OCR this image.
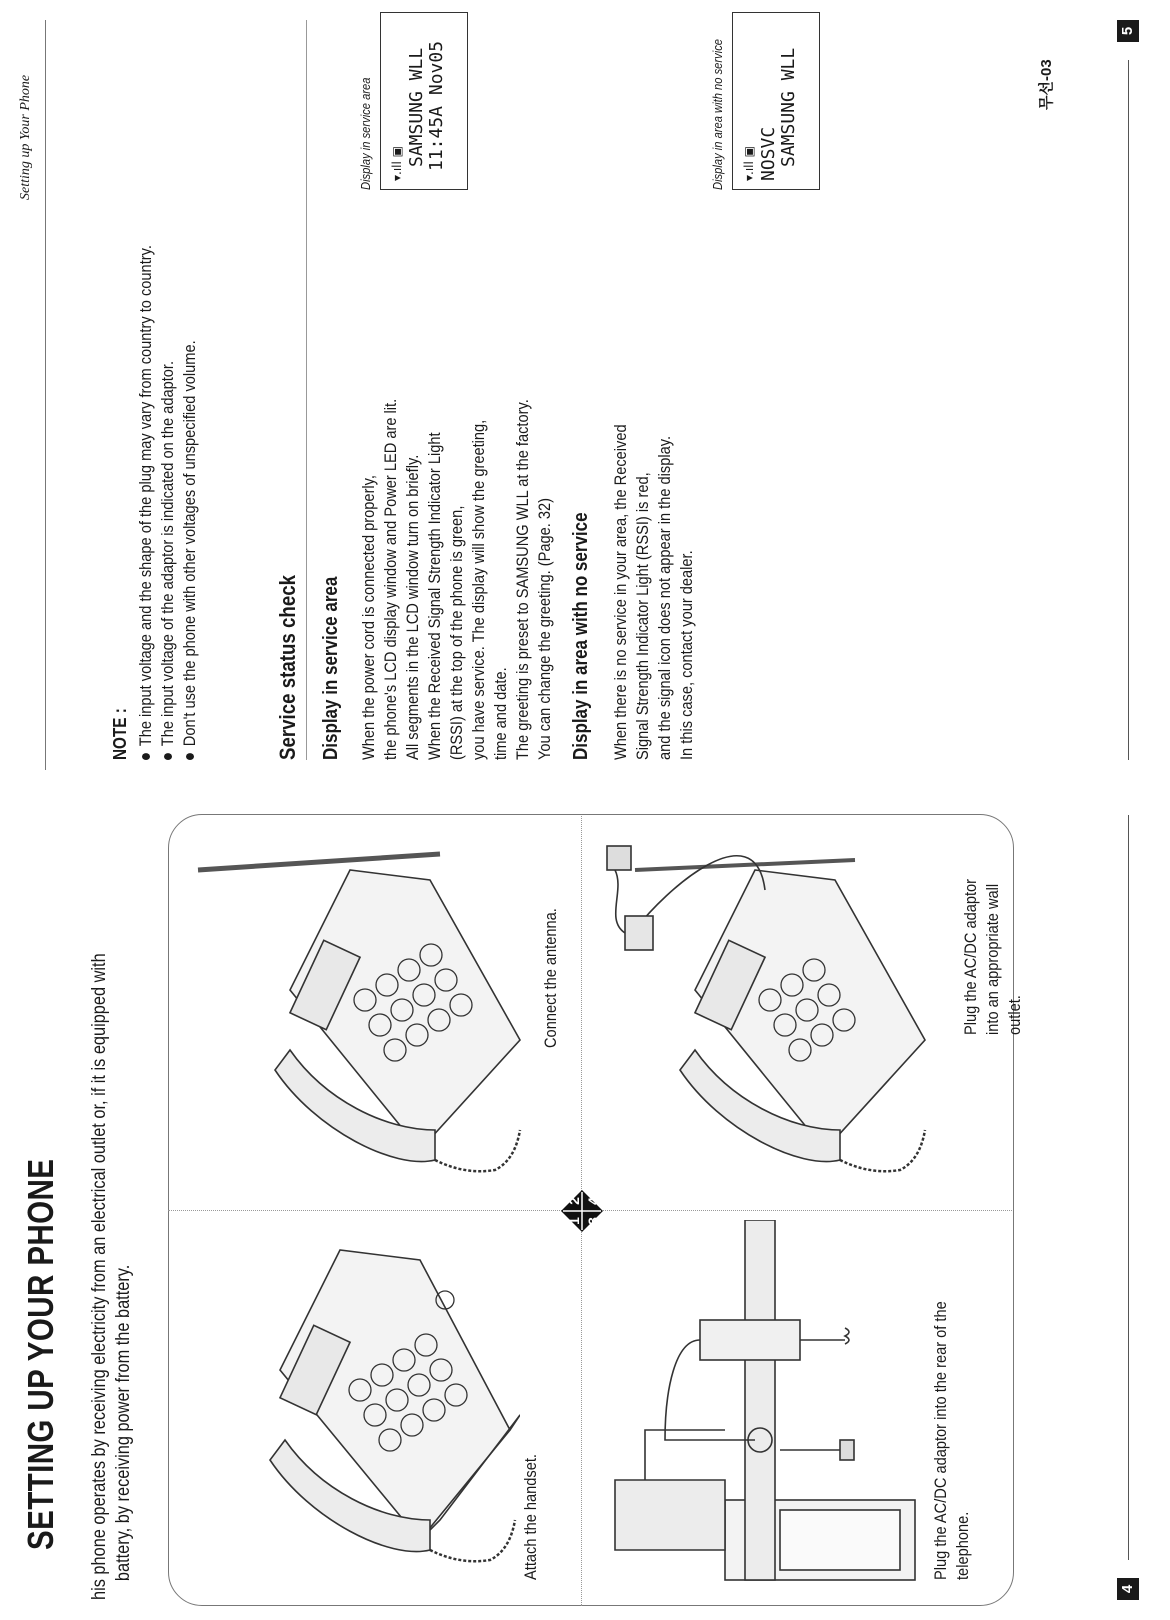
SETTING UP YOUR PHONE his phone operates by receiving electricity from an electrical outlet or, if it is equipped with battery, by receiving power from the battery.	Attach the handset.
Connect the antenna.
1
2
3
4
Plug the AC/DC adaptor into the rear of the telephone.
Plug the AC/DC adaptor into an appropriate wall outlet.
4
Setting up Your Phone
NOTE : The input voltage and the shape of the plug may vary from country to country. The input voltage of the adaptor is indicated on the adaptor. Don't use the phone with other voltages of unspecified volume.	Service status check Display in service area When the power cord is connected properly, the phone's LCD display window and Power LED are lit. All segments in the LCD window turn on briefly. When the Received Signal Strength Indicator Light (RSSI) at the top of the phone is green, you have service. The display will show the greeting, time and date. The greeting is preset to SAMSUNG WLL at the factory. You can change the greeting. (Page. 32)
Display in service area ▾.ıll ▣ SAMSUNG WLL 11:45A Nov05
Display in area with no service When there is no service in your area, the Received Signal Strength Indicator Light (RSSI) is red, and the signal icon does not appear in the display. In this case, contact your dealer.
Display in area with no service ▾.ıll ▣ NOSVC SAMSUNG WLL	무선-03
5
